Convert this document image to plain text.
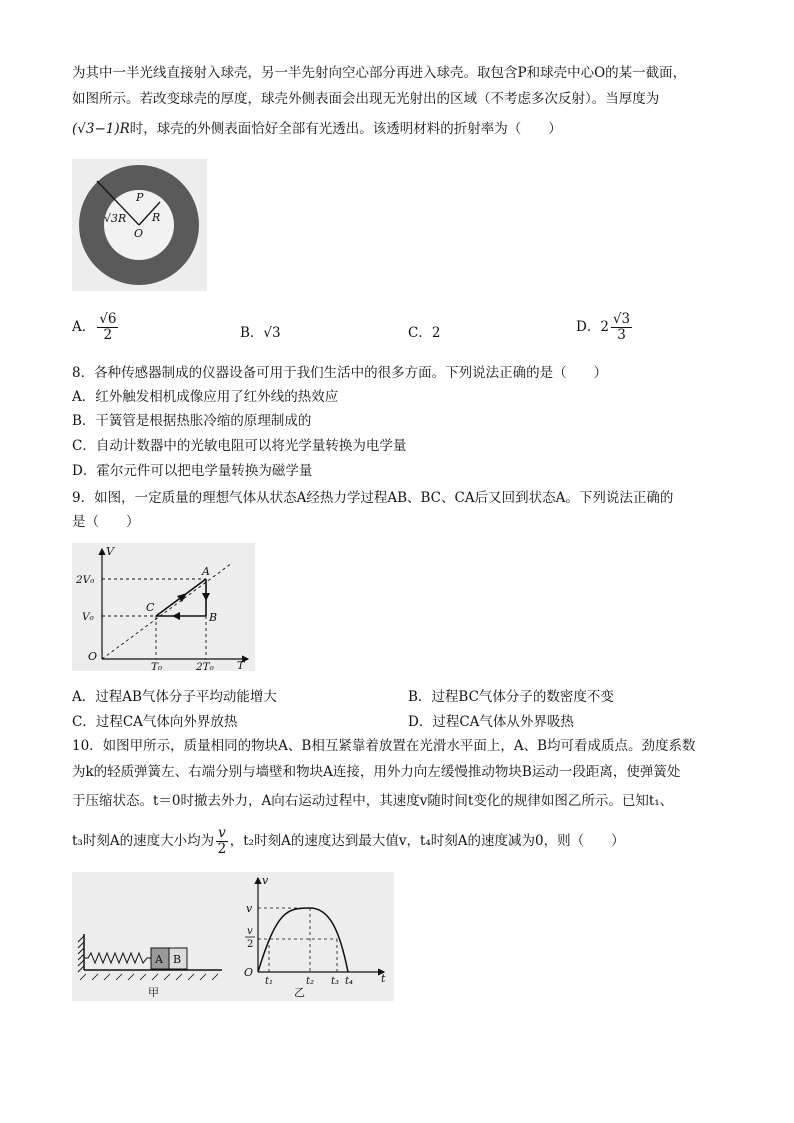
为其中一半光线直接射入球壳，另一半先射向空心部分再进入球壳。取包含P和球壳中心O的某一截面，
如图所示。若改变球壳的厚度，球壳外侧表面会出现无光射出的区域（不考虑多次反射）。当厚度为
(√3−1)R时，球壳的外侧表面恰好全部有光透出。该透明材料的折射率为（　　）
√3R R
P
O
A． $\frac{√6}{2}$	B．√3	C．2	D．$2 \frac{√3}{3}$
8．各种传感器制成的仪器设备可用于我们生活中的很多方面。下列说法正确的是（　　）
A．红外触发相机成像应用了红外线的热效应
B．干簧管是根据热胀冷缩的原理制成的
C．自动计数器中的光敏电阻可以将光学量转换为电学量
D．霍尔元件可以把电学量转换为磁学量
9．如图，一定质量的理想气体从状态A经热力学过程AB、BC、CA后又回到状态A。下列说法正确的
是（　　）
V
T
O
2V₀
V₀
T₀	2T₀
A
B
C
A．过程AB气体分子平均动能增大	B．过程BC气体分子的数密度不变
C．过程CA气体向外界放热	D．过程CA气体从外界吸热
10．如图甲所示，质量相同的物块A、B相互紧靠着放置在光滑水平面上，A、B均可看成质点。劲度系数
为k的轻质弹簧左、右端分别与墙壁和物块A连接，用外力向左缓慢推动物块B运动一段距离，使弹簧处
于压缩状态。t＝0时撤去外力，A向右运动过程中，其速度v随时间t变化的规律如图乙所示。已知t₁、
t₃时刻A的速度大小均为 $\frac{v}{2}$ ，t₂时刻A的速度达到最大值v，t₄时刻A的速度减为0，则（　　）
A B
甲
v
t
O
v
v
2
t₁	t₂ t₃ t₄
乙
